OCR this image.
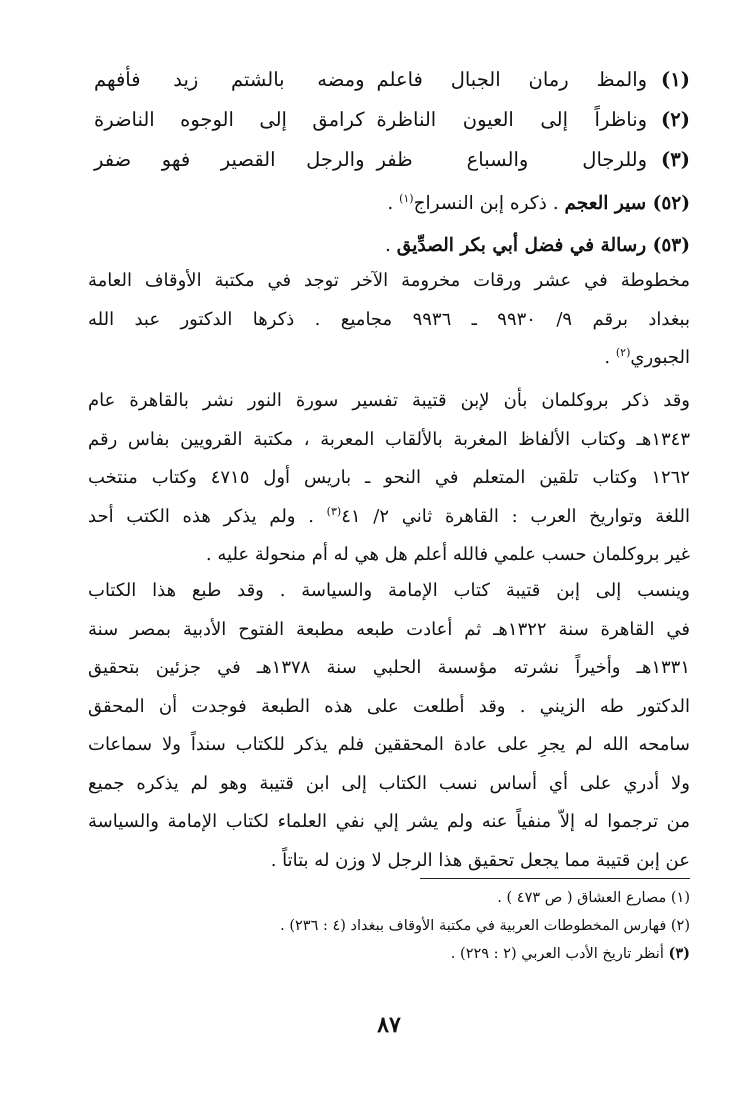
(١)
والمظ رمان الجبال فاعلم
ومضه بالشتم زيد فأفهم
(٢)
وناظراً إلى العيون الناظرة
كرامق إلى الوجوه الناضرة
(٣)
وللرجال والسباع ظفر
والرجل القصير فهو ضفر
(٥٢) سير العجم . ذكره إبن النسراج$^{(١)}$ .
(٥٣) رسالة في فضل أبي بكر الصدِّيق .

مخطوطة في عشر ورقات مخرومة الآخر توجد في مكتبة الأوقاف العامة
ببغداد برقم ٩/ ٩٩٣٠ ـ ٩٩٣٦ مجاميع . ذكرها الدكتور عبد الله
الجبوري$^{(٢)}$ .

وقد ذكر بروكلمان بأن لإبن قتيبة تفسير سورة النور نشر بالقاهرة عام
١٣٤٣هـ وكتاب الألفاظ المغربة بالألقاب المعربة ، مكتبة القرويين بفاس رقم
١٢٦٢ وكتاب تلقين المتعلم في النحو ـ باريس أول ٤٧١٥ وكتاب منتخب
اللغة وتواريخ العرب : القاهرة ثاني ٢/ ٤١$^{(٣)}$ . ولم يذكر هذه الكتب أحد
غير بروكلمان حسب علمي فالله أعلم هل هي له أم منحولة عليه .

وينسب إلى إبن قتيبة كتاب الإمامة والسياسة . وقد طبع هذا الكتاب
في القاهرة سنة ١٣٢٢هـ ثم أعادت طبعه مطبعة الفتوح الأدبية بمصر سنة
١٣٣١هـ وأخيراً نشرته مؤسسة الحلبي سنة ١٣٧٨هـ في جزئين بتحقيق
الدكتور طه الزيني . وقد أطلعت على هذه الطبعة فوجدت أن المحقق
سامحه الله لم يجرِ على عادة المحققين فلم يذكر للكتاب سنداً ولا سماعات
ولا أدري على أي أساس نسب الكتاب إلى ابن قتيبة وهو لم يذكره جميع
من ترجموا له إلاّ منفياً عنه ولم يشر إلي نفي العلماء لكتاب الإمامة والسياسة
عن إبن قتيبة مما يجعل تحقيق هذا الرجل لا وزن له بتاتاً .

(١) مصارع العشاق ( ص ٤٧٣ ) .
(٢) فهارس المخطوطات العربية في مكتبة الأوقاف ببغداد (٤ : ٢٣٦) .
(٣) أنظر تاريخ الأدب العربي (٢ : ٢٢٩) .
٨٧
